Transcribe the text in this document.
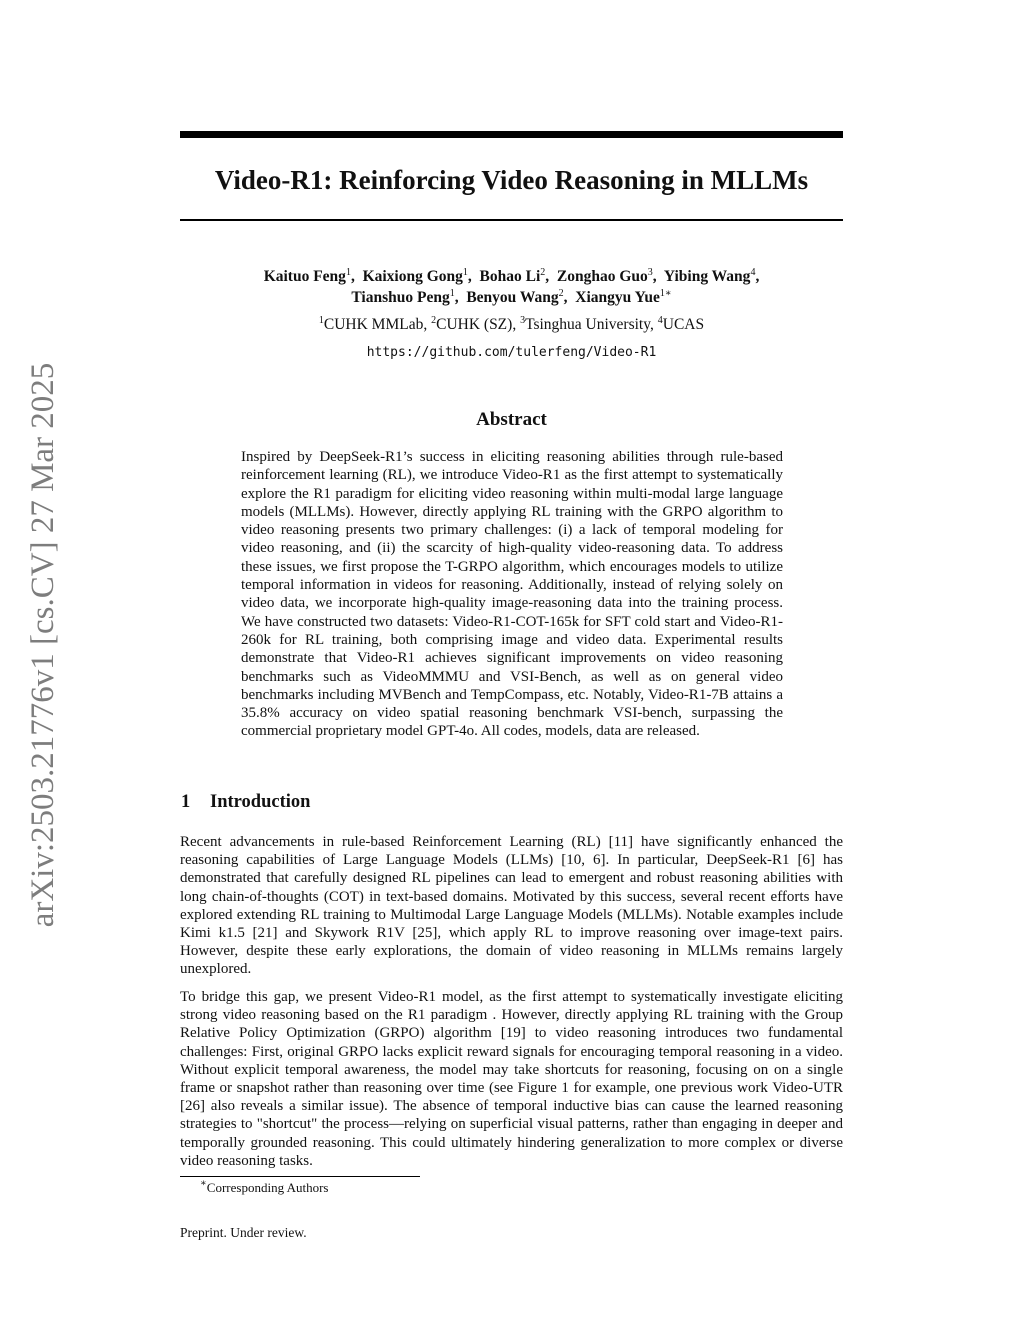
arXiv:2503.21776v1 [cs.CV] 27 Mar 2025
Video-R1: Reinforcing Video Reasoning in MLLMs
Kaituo Feng$^1$,  Kaixiong Gong$^1$,  Bohao Li$^2$,  Zonghao Guo$^3$,  Yibing Wang$^4$,
Tianshuo Peng$^1$,  Benyou Wang$^2$,  Xiangyu Yue$^{1∗}$
$^1$CUHK MMLab, $^2$CUHK (SZ), $^3$Tsinghua University, $^4$UCAS
https://github.com/tulerfeng/Video-R1
Abstract
Inspired by DeepSeek-R1’s success in eliciting reasoning abilities through rule-based reinforcement learning (RL), we introduce Video-R1 as the first attempt to systematically explore the R1 paradigm for eliciting video reasoning within multi-modal large language models (MLLMs). However, directly applying RL training with the GRPO algorithm to video reasoning presents two primary challenges: (i) a lack of temporal modeling for video reasoning, and (ii) the scarcity of high-quality video-reasoning data. To address these issues, we first propose the T-GRPO algorithm, which encourages models to utilize temporal information in videos for reasoning. Additionally, instead of relying solely on video data, we incorporate high-quality image-reasoning data into the training process. We have constructed two datasets: Video-R1-COT-165k for SFT cold start and Video-R1-260k for RL training, both comprising image and video data. Experimental results demonstrate that Video-R1 achieves significant improvements on video reasoning benchmarks such as VideoMMMU and VSI-Bench, as well as on general video benchmarks including MVBench and TempCompass, etc. Notably, Video-R1-7B attains a 35.8% accuracy on video spatial reasoning benchmark VSI-bench, surpassing the commercial proprietary model GPT-4o. All codes, models, data are released.
1 Introduction

Recent advancements in rule-based Reinforcement Learning (RL) [11] have significantly enhanced the reasoning capabilities of Large Language Models (LLMs) [10, 6]. In particular, DeepSeek-R1 [6] has demonstrated that carefully designed RL pipelines can lead to emergent and robust reasoning abilities with long chain-of-thoughts (COT) in text-based domains. Motivated by this success, several recent efforts have explored extending RL training to Multimodal Large Language Models (MLLMs). Notable examples include Kimi k1.5 [21] and Skywork R1V [25], which apply RL to improve reasoning over image-text pairs. However, despite these early explorations, the domain of video reasoning in MLLMs remains largely unexplored.

To bridge this gap, we present Video-R1 model, as the first attempt to systematically investigate eliciting strong video reasoning based on the R1 paradigm . However, directly applying RL training with the Group Relative Policy Optimization (GRPO) algorithm [19] to video reasoning introduces two fundamental challenges: First, original GRPO lacks explicit reward signals for encouraging temporal reasoning in a video. Without explicit temporal awareness, the model may take shortcuts for reasoning, focusing on on a single frame or snapshot rather than reasoning over time (see Figure 1 for example, one previous work Video-UTR [26] also reveals a similar issue). The absence of temporal inductive bias can cause the learned reasoning strategies to "shortcut" the process—relying on superficial visual patterns, rather than engaging in deeper and temporally grounded reasoning. This could ultimately hindering generalization to more complex or diverse video reasoning tasks.

∗Corresponding Authors
Preprint. Under review.
